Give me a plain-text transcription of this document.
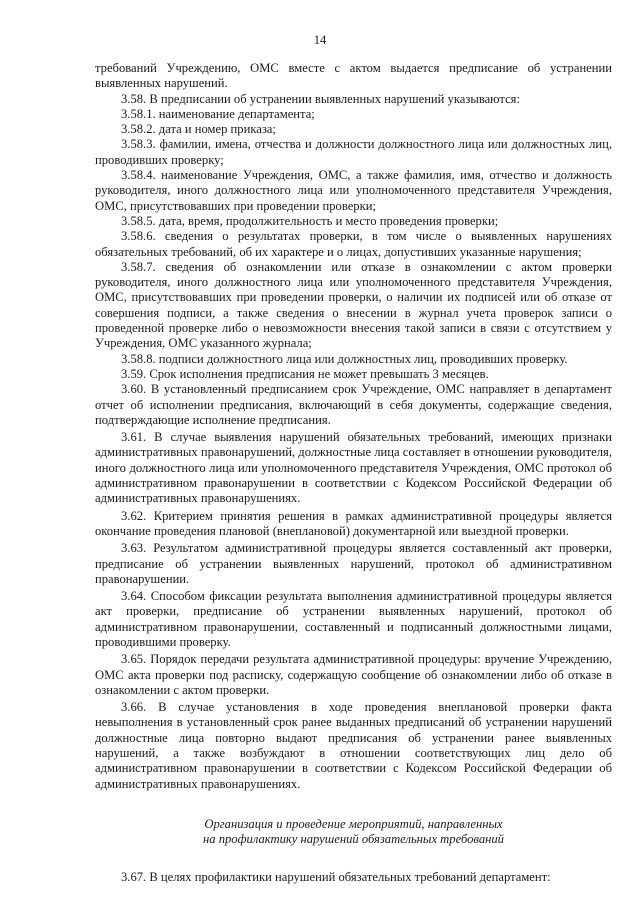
14

требований Учреждению, ОМС вместе с актом выдается предписание об устранении выявленных нарушений.

3.58. В предписании об устранении выявленных нарушений указываются:

3.58.1. наименование департамента;

3.58.2. дата и номер приказа;

3.58.3. фамилии, имена, отчества и должности должностного лица или должностных лиц, проводивших проверку;

3.58.4. наименование Учреждения, ОМС, а также фамилия, имя, отчество и должность руководителя, иного должностного лица или уполномоченного представителя Учреждения, ОМС, присутствовавших при проведении проверки;

3.58.5. дата, время, продолжительность и место проведения проверки;

3.58.6. сведения о результатах проверки, в том числе о выявленных нарушениях обязательных требований, об их характере и о лицах, допустивших указанные нарушения;

3.58.7. сведения об ознакомлении или отказе в ознакомлении с актом проверки руководителя, иного должностного лица или уполномоченного представителя Учреждения, ОМС, присутствовавших при проведении проверки, о наличии их подписей или об отказе от совершения подписи, а также сведения о внесении в журнал учета проверок записи о проведенной проверке либо о невозможности внесения такой записи в связи с отсутствием у Учреждения, ОМС указанного журнала;

3.58.8. подписи должностного лица или должностных лиц, проводивших проверку.

3.59. Срок исполнения предписания не может превышать 3 месяцев.

3.60. В установленный предписанием срок Учреждение, ОМС направляет в департамент отчет об исполнении предписания, включающий в себя документы, содержащие сведения, подтверждающие исполнение предписания.

3.61. В случае выявления нарушений обязательных требований, имеющих признаки административных правонарушений, должностные лица составляет в отношении руководителя, иного должностного лица или уполномоченного представителя Учреждения, ОМС протокол об административном правонарушении в соответствии с Кодексом Российской Федерации об административных правонарушениях.

3.62. Критерием принятия решения в рамках административной процедуры является окончание проведения плановой (внеплановой) документарной или выездной проверки.

3.63. Результатом административной процедуры является составленный акт проверки, предписание об устранении выявленных нарушений, протокол об административном правонарушении.

3.64. Способом фиксации результата выполнения административной процедуры является акт проверки, предписание об устранении выявленных нарушений, протокол об административном правонарушении, составленный и подписанный должностными лицами, проводившими проверку.

3.65. Порядок передачи результата административной процедуры: вручение Учреждению, ОМС акта проверки под расписку, содержащую сообщение об ознакомлении либо об отказе в ознакомлении с актом проверки.

3.66. В случае установления в ходе проведения внеплановой проверки факта невыполнения в установленный срок ранее выданных предписаний об устранении нарушений должностные лица повторно выдают предписания об устранении ранее выявленных нарушений, а также возбуждают в отношении соответствующих лиц дело об административном правонарушении в соответствии с Кодексом Российской Федерации об административных правонарушениях.

Организация и проведение мероприятий, направленных
на профилактику нарушений обязательных требований

3.67. В целях профилактики нарушений обязательных требований департамент:
